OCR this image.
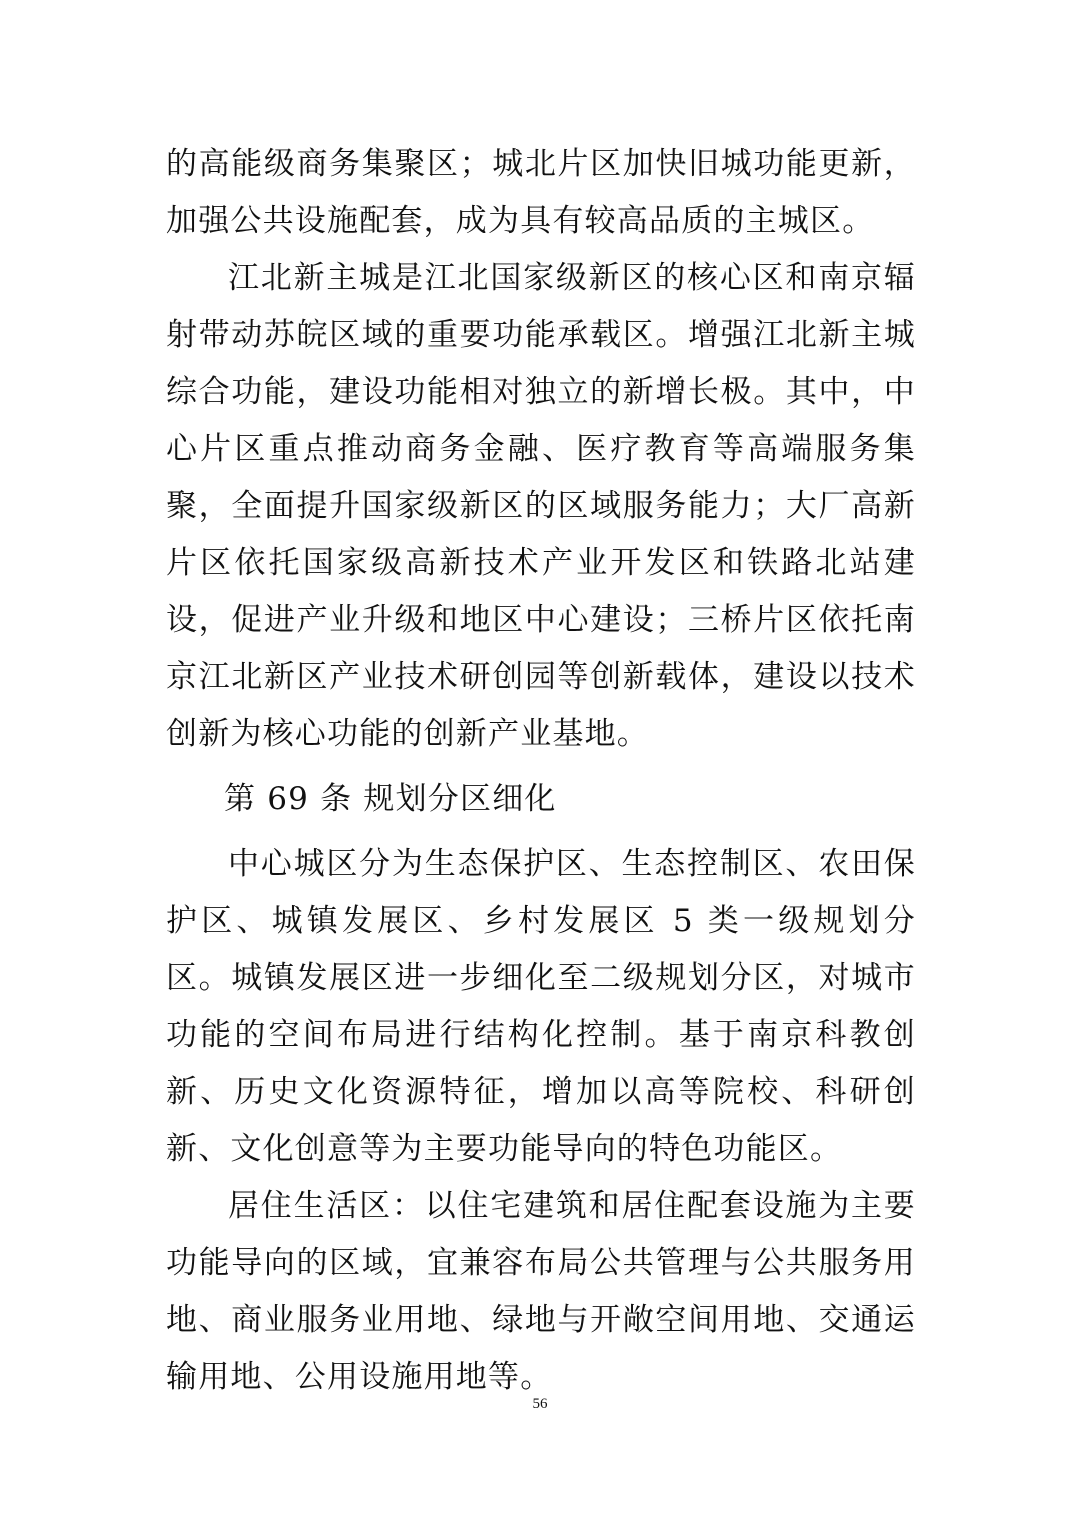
的高能级商务集聚区；城北片区加快旧城功能更新，加强公共设施配套，成为具有较高品质的主城区。

江北新主城是江北国家级新区的核心区和南京辐射带动苏皖区域的重要功能承载区。增强江北新主城综合功能，建设功能相对独立的新增长极。其中，中心片区重点推动商务金融、医疗教育等高端服务集聚，全面提升国家级新区的区域服务能力；大厂高新片区依托国家级高新技术产业开发区和铁路北站建设，促进产业升级和地区中心建设；三桥片区依托南京江北新区产业技术研创园等创新载体，建设以技术创新为核心功能的创新产业基地。

第 69 条 规划分区细化

中心城区分为生态保护区、生态控制区、农田保护区、城镇发展区、乡村发展区 5 类一级规划分区。城镇发展区进一步细化至二级规划分区，对城市功能的空间布局进行结构化控制。基于南京科教创新、历史文化资源特征，增加以高等院校、科研创新、文化创意等为主要功能导向的特色功能区。

居住生活区：以住宅建筑和居住配套设施为主要功能导向的区域，宜兼容布局公共管理与公共服务用地、商业服务业用地、绿地与开敞空间用地、交通运输用地、公用设施用地等。

56
